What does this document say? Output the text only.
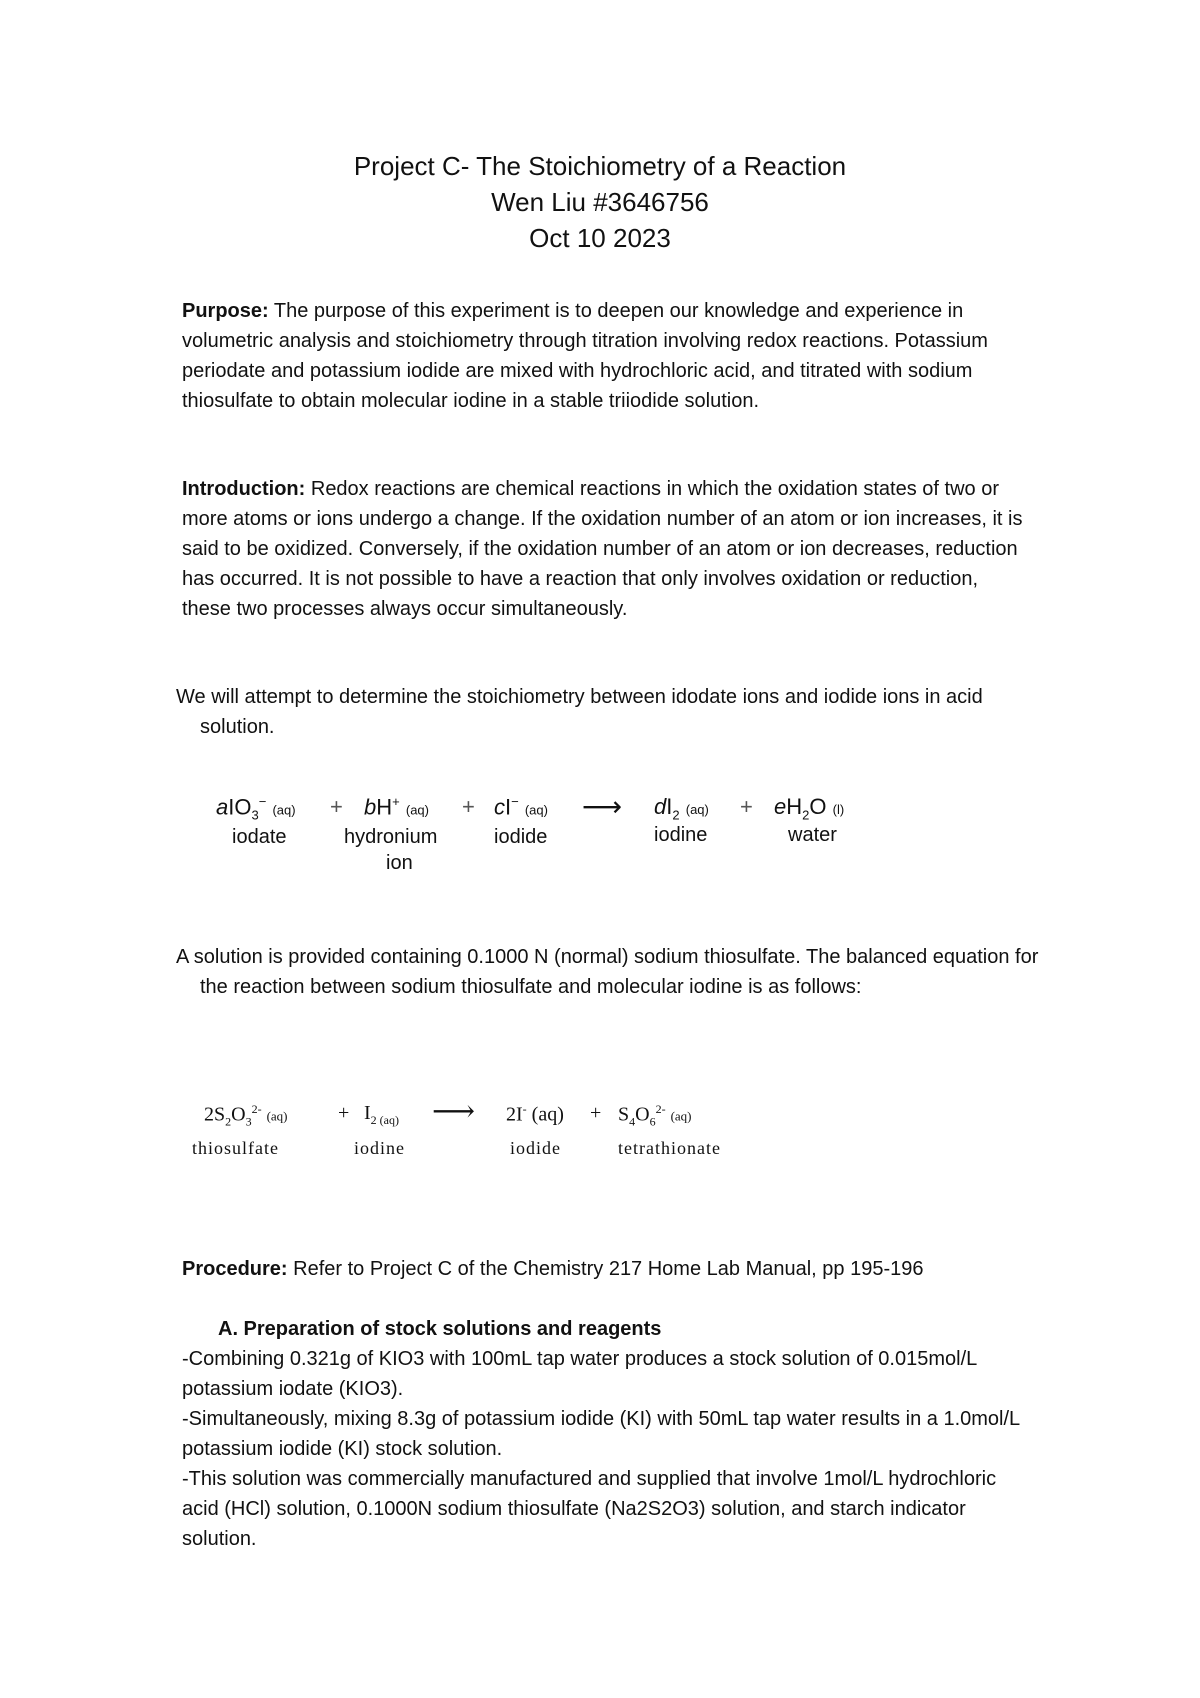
Project C- The Stoichiometry of a Reaction
Wen Liu #3646756
Oct 10 2023

Purpose: The purpose of this experiment is to deepen our knowledge and experience in volumetric analysis and stoichiometry through titration involving redox reactions. Potassium periodate and potassium iodide are mixed with hydrochloric acid, and titrated with sodium thiosulfate to obtain molecular iodine in a stable triiodide solution.

Introduction: Redox reactions are chemical reactions in which the oxidation states of two or more atoms or ions undergo a change. If the oxidation number of an atom or ion increases, it is said to be oxidized. Conversely, if the oxidation number of an atom or ion decreases, reduction has occurred. It is not possible to have a reaction that only involves oxidation or reduction, these two processes always occur simultaneously.

We will attempt to determine the stoichiometry between idodate ions and iodide ions in acid solution.

aIO$_3$− (aq) + bH+ (aq) + cI− (aq) ⟶ $dI_2$ $(aq) + eH_2O$ (l)
iodate	hydronium
ion
iodide	iodine	water

A solution is provided containing 0.1000 N (normal) sodium thiosulfate. The balanced equation for the reaction between sodium thiosulfate and molecular iodine is as follows:

$2S_2O_3^{2-}$ (aq)	+ $I_{2 (aq)}$ ⟶ 2I- $(aq) + S_4O_6^{2-}$ (aq)
thiosulfate	iodine	iodide	tetrathionate

Procedure: Refer to Project C of the Chemistry 217 Home Lab Manual, pp 195-196

A. Preparation of stock solutions and reagents

-Combining 0.321g of KIO3 with 100mL tap water produces a stock solution of 0.015mol/L potassium iodate (KIO3).

-Simultaneously, mixing 8.3g of potassium iodide (KI) with 50mL tap water results in a 1.0mol/L potassium iodide (KI) stock solution.

-This solution was commercially manufactured and supplied that involve 1mol/L hydrochloric acid (HCl) solution, 0.1000N sodium thiosulfate (Na2S2O3) solution, and starch indicator solution.
